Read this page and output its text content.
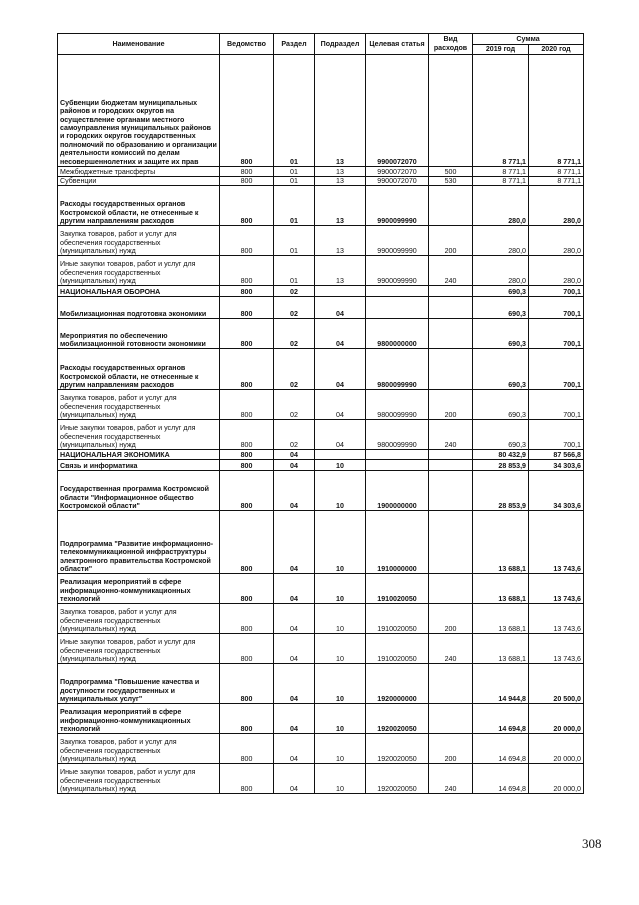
Наименование	Ведомство	Раздел	Подраздел	Целевая статья	Вид расходов	Сумма	
						2019 год	2020 год
Субвенции бюджетам муниципальных районов и городских округов на осуществление органами местного самоуправления муниципальных районов и городских округов государственных полномочий по образованию и организации деятельности комиссий по делам несовершеннолетних и защите их прав	800	01	13	9900072070		8 771,1	8 771,1
Межбюджетные трансферты	800	01	13	9900072070	500	8 771,1	8 771,1
Субвенции	800	01	13	9900072070	530	8 771,1	8 771,1
Расходы государственных органов Костромской области, не отнесенные к другим направлениям расходов	800	01	13	9900099990		280,0	280,0
Закупка товаров, работ и услуг для обеспечения государственных (муниципальных) нужд	800	01	13	9900099990	200	280,0	280,0
Иные закупки товаров, работ и услуг для обеспечения государственных (муниципальных) нужд	800	01	13	9900099990	240	280,0	280,0
НАЦИОНАЛЬНАЯ ОБОРОНА	800	02				690,3	700,1
Мобилизационная подготовка экономики	800	02	04			690,3	700,1
Мероприятия по обеспечению мобилизационной готовности экономики	800	02	04	9800000000		690,3	700,1
Расходы государственных органов Костромской области, не отнесенные к другим направлениям расходов	800	02	04	9800099990		690,3	700,1
Закупка товаров, работ и услуг для обеспечения государственных (муниципальных) нужд	800	02	04	9800099990	200	690,3	700,1
Иные закупки товаров, работ и услуг для обеспечения государственных (муниципальных) нужд	800	02	04	9800099990	240	690,3	700,1
НАЦИОНАЛЬНАЯ ЭКОНОМИКА	800	04				80 432,9	87 566,8
Связь и информатика	800	04	10			28 853,9	34 303,6
Государственная программа Костромской области "Информационное общество Костромской области"	800	04	10	1900000000		28 853,9	34 303,6
Подпрограмма "Развитие информационно-телекоммуникационной инфраструктуры электронного правительства Костромской области"	800	04	10	1910000000		13 688,1	13 743,6
Реализация мероприятий в сфере информационно-коммуникационных технологий	800	04	10	1910020050		13 688,1	13 743,6
Закупка товаров, работ и услуг для обеспечения государственных (муниципальных) нужд	800	04	10	1910020050	200	13 688,1	13 743,6
Иные закупки товаров, работ и услуг для обеспечения государственных (муниципальных) нужд	800	04	10	1910020050	240	13 688,1	13 743,6
Подпрограмма "Повышение качества и доступности государственных и муниципальных услуг"	800	04	10	1920000000		14 944,8	20 500,0
Реализация мероприятий в сфере информационно-коммуникационных технологий	800	04	10	1920020050		14 694,8	20 000,0
Закупка товаров, работ и услуг для обеспечения государственных (муниципальных) нужд	800	04	10	1920020050	200	14 694,8	20 000,0
Иные закупки товаров, работ и услуг для обеспечения государственных (муниципальных) нужд	800	04	10	1920020050	240	14 694,8	20 000,0
308
